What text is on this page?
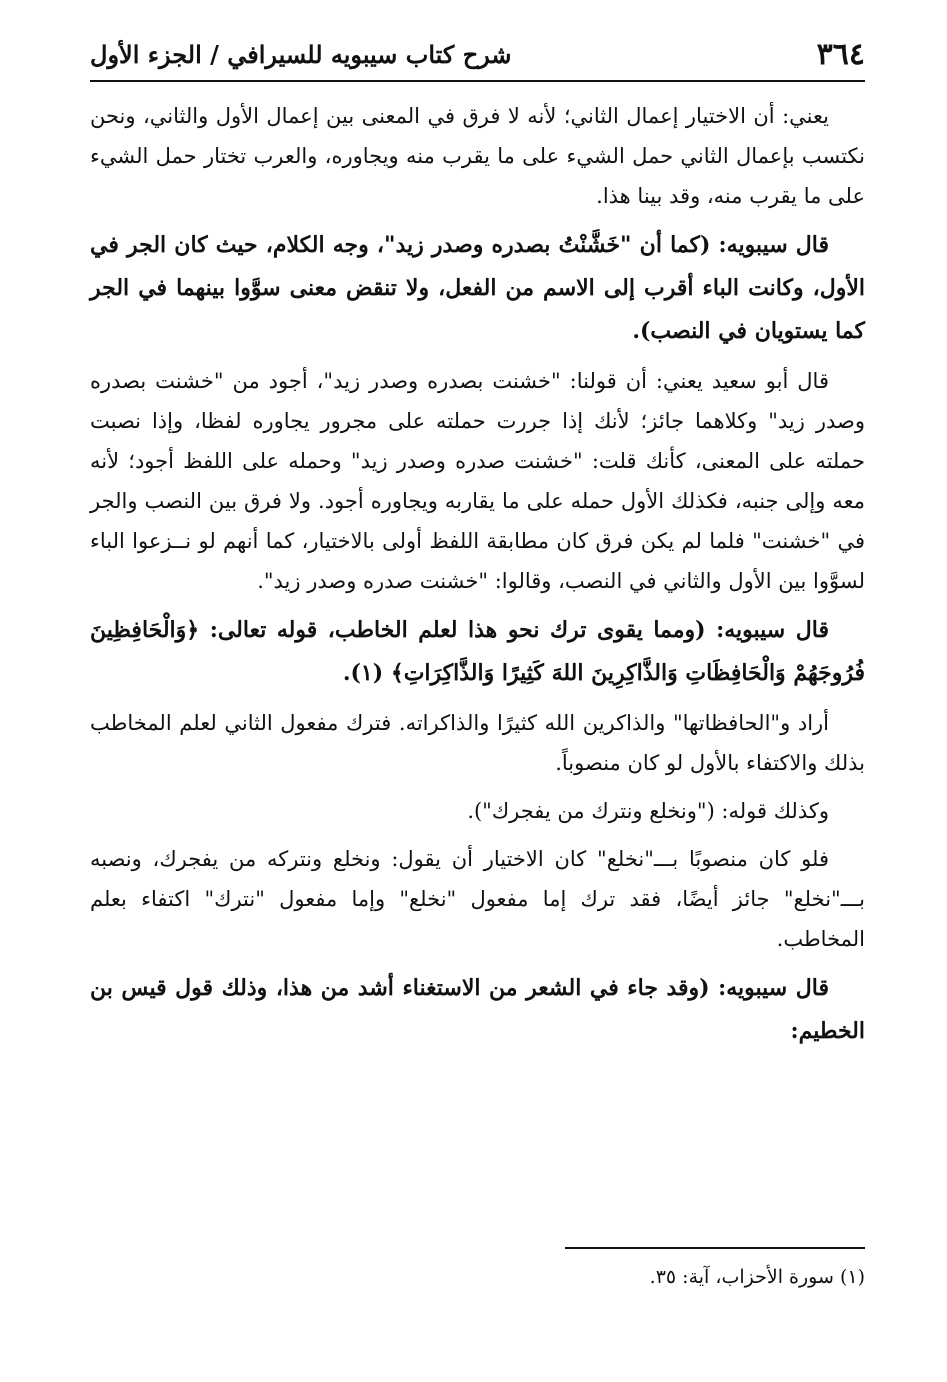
٣٦٤
شرح كتاب سيبويه للسيرافي / الجزء الأول

يعني: أن الاختيار إعمال الثاني؛ لأنه لا فرق في المعنى بين إعمال الأول والثاني، ونحن نكتسب بإعمال الثاني حمل الشيء على ما يقرب منه ويجاوره، والعرب تختار حمل الشيء على ما يقرب منه، وقد بينا هذا.

قال سيبويه: (كما أن "خَشَّنْتُ بصدره وصدر زيد"، وجه الكلام، حيث كان الجر في الأول، وكانت الباء أقرب إلى الاسم من الفعل، ولا تنقض معنى سوَّوا بينهما في الجر كما يستويان في النصب).

قال أبو سعيد يعني: أن قولنا: "خشنت بصدره وصدر زيد"، أجود من "خشنت بصدره وصدر زيد" وكلاهما جائز؛ لأنك إذا جررت حملته على مجرور يجاوره لفظا، وإذا نصبت حملته على المعنى، كأنك قلت: "خشنت صدره وصدر زيد" وحمله على اللفظ أجود؛ لأنه معه وإلى جنبه، فكذلك الأول حمله على ما يقاربه ويجاوره أجود. ولا فرق بين النصب والجر في "خشنت" فلما لم يكن فرق كان مطابقة اللفظ أولى بالاختيار، كما أنهم لو نــزعوا الباء لسوَّوا بين الأول والثاني في النصب، وقالوا: "خشنت صدره وصدر زيد".

قال سيبويه: (ومما يقوى ترك نحو هذا لعلم الخاطب، قوله تعالى: ﴿وَالْحَافِظِينَ فُرُوجَهُمْ وَالْحَافِظَاتِ وَالذَّاكِرِينَ اللهَ كَثِيرًا وَالذَّاكِرَاتِ﴾ (١).

أراد و"الحافظاتها" والذاكرين الله كثيرًا والذاكراته. فترك مفعول الثاني لعلم المخاطب بذلك والاكتفاء بالأول لو كان منصوباً.

وكذلك قوله: ("ونخلع ونترك من يفجرك").

فلو كان منصوبًا بـــ"نخلع" كان الاختيار أن يقول: ونخلع ونتركه من يفجرك، ونصبه بـــ"نخلع" جائز أيضًا، فقد ترك إما مفعول "نخلع" وإما مفعول "نترك" اكتفاء بعلم المخاطب.

قال سيبويه: (وقد جاء في الشعر من الاستغناء أشد من هذا، وذلك قول قيس بن الخطيم:

(١) سورة الأحزاب، آية: ٣٥.
